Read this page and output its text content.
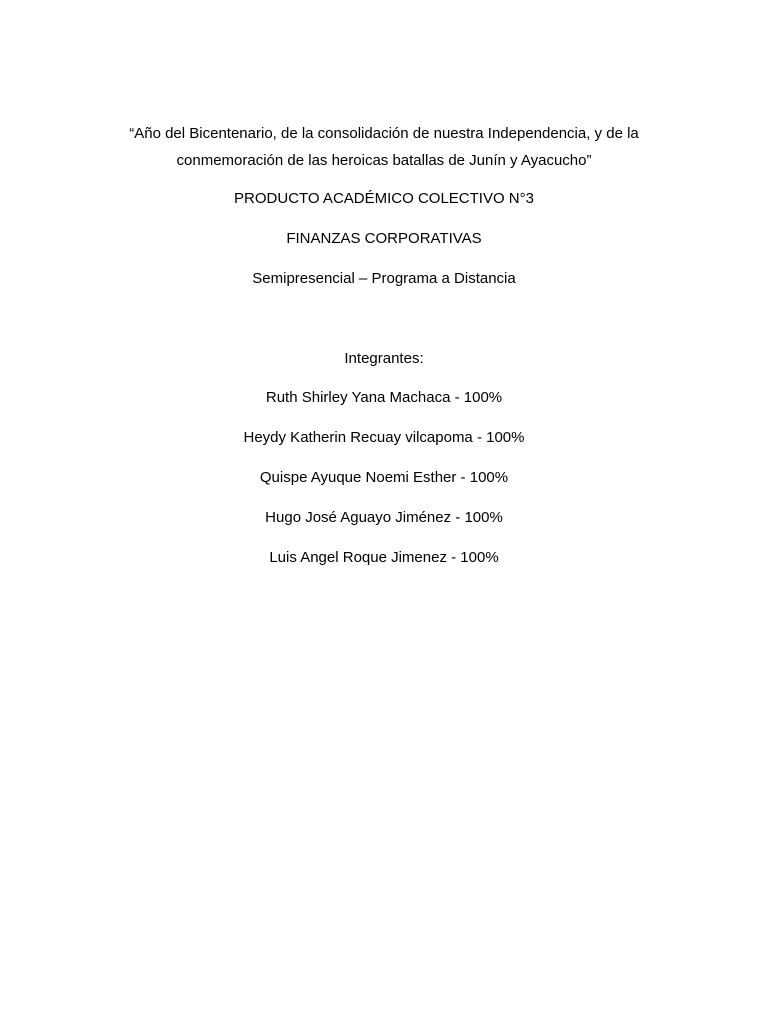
“Año del Bicentenario, de la consolidación de nuestra Independencia, y de la
conmemoración de las heroicas batallas de Junín y Ayacucho”
PRODUCTO ACADÉMICO COLECTIVO N°3
FINANZAS CORPORATIVAS
Semipresencial – Programa a Distancia
Integrantes:
Ruth Shirley Yana Machaca - 100%
Heydy Katherin Recuay vilcapoma - 100%
Quispe Ayuque Noemi Esther - 100%
Hugo José Aguayo Jiménez - 100%
Luis Angel Roque Jimenez - 100%
